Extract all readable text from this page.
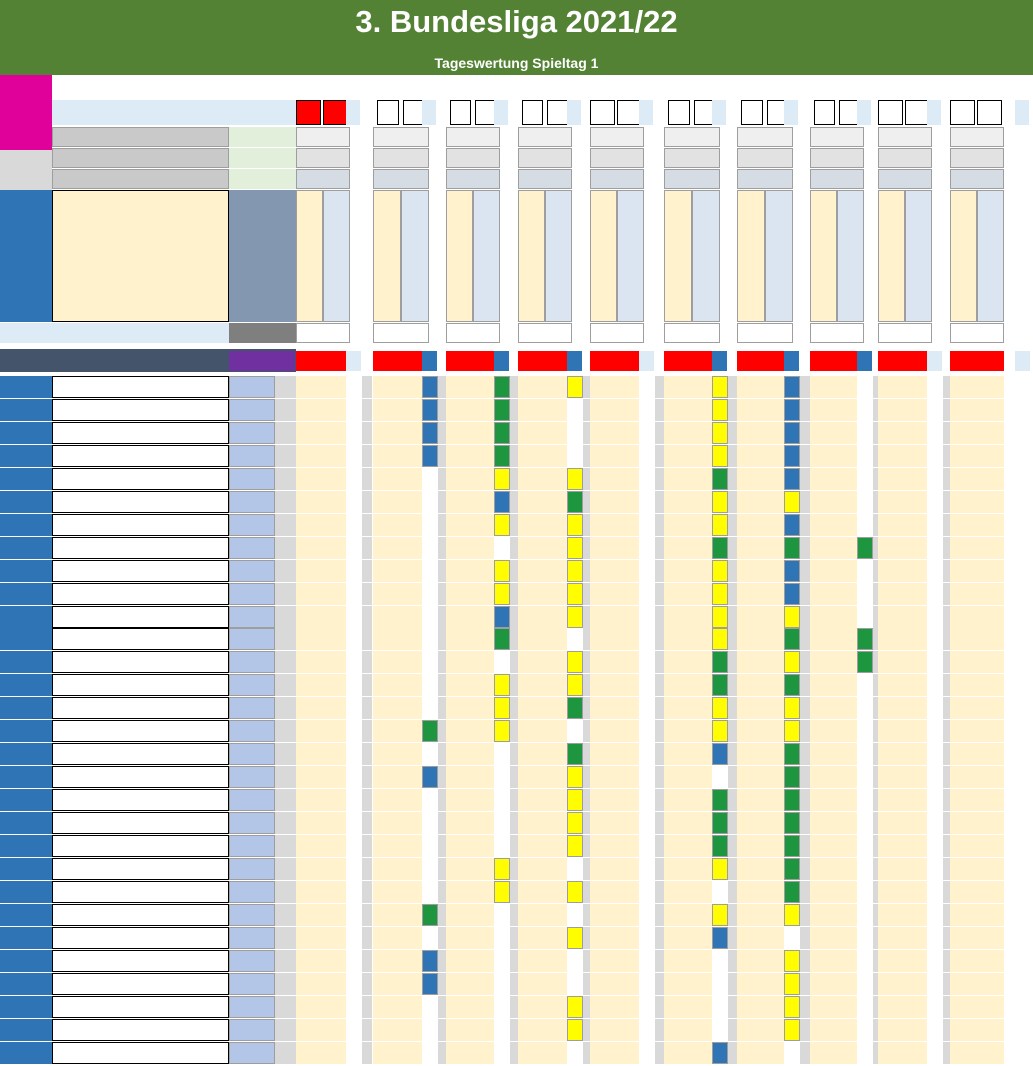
3. Bundesliga 2021/22
Tageswertung Spieltag 1
